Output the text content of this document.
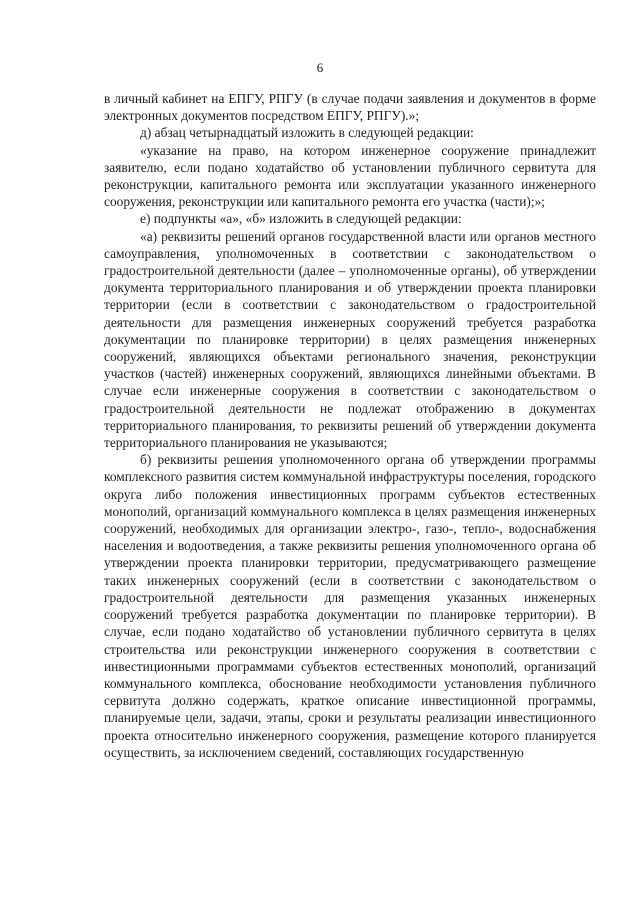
6

в личный кабинет на ЕПГУ, РПГУ (в случае подачи заявления и документов в форме электронных документов посредством ЕПГУ, РПГУ).»;

д) абзац четырнадцатый изложить в следующей редакции:

«указание на право, на котором инженерное сооружение принадлежит заявителю, если подано ходатайство об установлении публичного сервитута для реконструкции, капитального ремонта или эксплуатации указанного инженерного сооружения, реконструкции или капитального ремонта его участка (части);»;

е) подпункты «а», «б» изложить в следующей редакции:

«а) реквизиты решений органов государственной власти или органов местного самоуправления, уполномоченных в соответствии с законодательством о градостроительной деятельности (далее – уполномоченные органы), об утверждении документа территориального планирования и об утверждении проекта планировки территории (если в соответствии с законодательством о градостроительной деятельности для размещения инженерных сооружений требуется разработка документации по планировке территории) в целях размещения инженерных сооружений, являющихся объектами регионального значения, реконструкции участков (частей) инженерных сооружений, являющихся линейными объектами. В случае если инженерные сооружения в соответствии с законодательством о градостроительной деятельности не подлежат отображению в документах территориального планирования, то реквизиты решений об утверждении документа территориального планирования не указываются;

б) реквизиты решения уполномоченного органа об утверждении программы комплексного развития систем коммунальной инфраструктуры поселения, городского округа либо положения инвестиционных программ субъектов естественных монополий, организаций коммунального комплекса в целях размещения инженерных сооружений, необходимых для организации электро-, газо-, тепло-, водоснабжения населения и водоотведения, а также реквизиты решения уполномоченного органа об утверждении проекта планировки территории, предусматривающего размещение таких инженерных сооружений (если в соответствии с законодательством о градостроительной деятельности для размещения указанных инженерных сооружений требуется разработка документации по планировке территории). В случае, если подано ходатайство об установлении публичного сервитута в целях строительства или реконструкции инженерного сооружения в соответствии с инвестиционными программами субъектов естественных монополий, организаций коммунального комплекса, обоснование необходимости установления публичного сервитута должно содержать, краткое описание инвестиционной программы, планируемые цели, задачи, этапы, сроки и результаты реализации инвестиционного проекта относительно инженерного сооружения, размещение которого планируется осуществить, за исключением сведений, составляющих государственную
